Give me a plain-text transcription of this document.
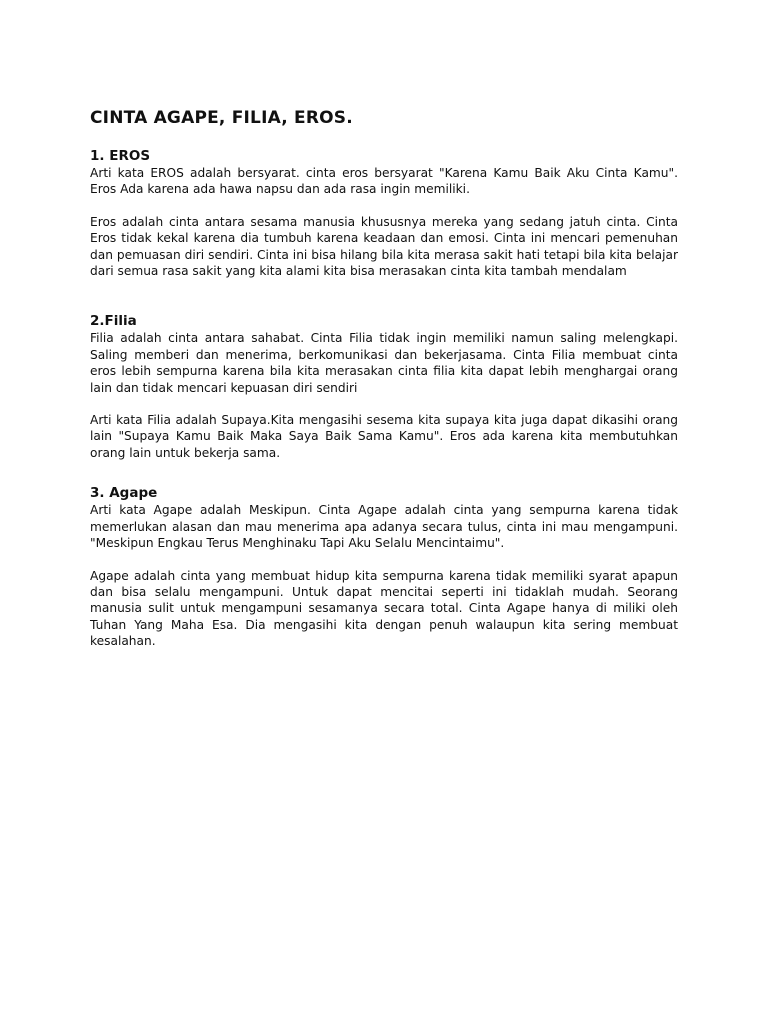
CINTA AGAPE, FILIA, EROS.
1. EROS

Arti kata EROS adalah bersyarat. cinta eros bersyarat "Karena Kamu Baik Aku Cinta Kamu". Eros Ada karena ada hawa napsu dan ada rasa ingin memiliki.

Eros adalah cinta antara sesama manusia khususnya mereka yang sedang jatuh cinta. Cinta Eros tidak kekal karena dia tumbuh karena keadaan dan emosi. Cinta ini mencari pemenuhan dan pemuasan diri sendiri. Cinta ini bisa hilang bila kita merasa sakit hati tetapi bila kita belajar dari semua rasa sakit yang kita alami kita bisa merasakan cinta kita tambah mendalam

2.Filia

Filia adalah cinta antara sahabat. Cinta Filia tidak ingin memiliki namun saling melengkapi. Saling memberi dan menerima, berkomunikasi dan bekerjasama. Cinta Filia membuat cinta eros lebih sempurna karena bila kita merasakan cinta filia kita dapat lebih menghargai orang lain dan tidak mencari kepuasan diri sendiri

Arti kata Filia adalah Supaya.Kita mengasihi sesema kita supaya kita juga dapat dikasihi orang lain "Supaya Kamu Baik Maka Saya Baik Sama Kamu". Eros ada karena kita membutuhkan orang lain untuk bekerja sama.

3. Agape

Arti kata Agape adalah Meskipun. Cinta Agape adalah cinta yang sempurna karena tidak memerlukan alasan dan mau menerima apa adanya secara tulus, cinta ini mau mengampuni. "Meskipun Engkau Terus Menghinaku Tapi Aku Selalu Mencintaimu".

Agape adalah cinta yang membuat hidup kita sempurna karena tidak memiliki syarat apapun dan bisa selalu mengampuni. Untuk dapat mencitai seperti ini tidaklah mudah. Seorang manusia sulit untuk mengampuni sesamanya secara total. Cinta Agape hanya di miliki oleh Tuhan Yang Maha Esa. Dia mengasihi kita dengan penuh walaupun kita sering membuat kesalahan.
